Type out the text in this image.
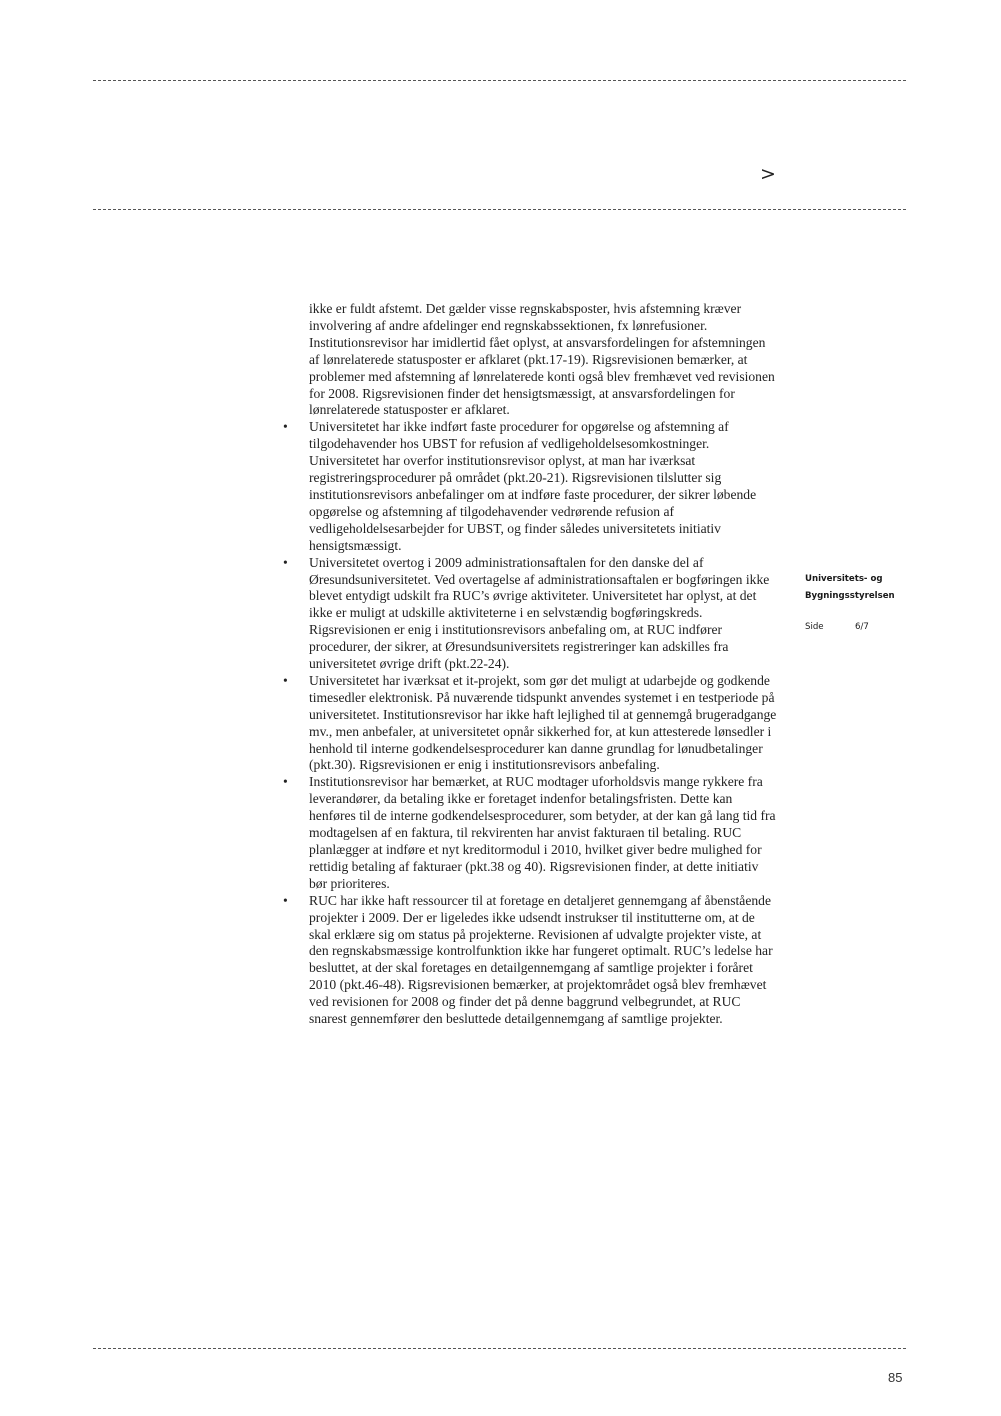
>

ikke er fuldt afstemt. Det gælder visse regnskabsposter, hvis afstemning kræver involvering af andre afdelinger end regnskabssektionen, fx lønrefusioner. Institutionsrevisor har imidlertid fået oplyst, at ansvarsfordelingen for afstemningen af lønrelaterede statusposter er afklaret (pkt.17-19). Rigsrevisionen bemærker, at problemer med afstemning af lønrelaterede konti også blev fremhævet ved revisionen for 2008. Rigsrevisionen finder det hensigtsmæssigt, at ansvarsfordelingen for lønrelaterede statusposter er afklaret.

• Universitetet har ikke indført faste procedurer for opgørelse og afstemning af tilgodehavender hos UBST for refusion af vedligeholdelsesomkostninger. Universitetet har overfor institutionsrevisor oplyst, at man har iværksat registreringsprocedurer på området (pkt.20-21). Rigsrevisionen tilslutter sig institutionsrevisors anbefalinger om at indføre faste procedurer, der sikrer løbende opgørelse og afstemning af tilgodehavender vedrørende refusion af vedligeholdelsesarbejder for UBST, og finder således universitetets initiativ hensigtsmæssigt.
• Universitetet overtog i 2009 administrationsaftalen for den danske del af Øresundsuniversitetet. Ved overtagelse af administrationsaftalen er bogføringen ikke blevet entydigt udskilt fra RUC’s øvrige aktiviteter. Universitetet har oplyst, at det ikke er muligt at udskille aktiviteterne i en selvstændig bogføringskreds. Rigsrevisionen er enig i institutionsrevisors anbefaling om, at RUC indfører procedurer, der sikrer, at Øresundsuniversitets registreringer kan adskilles fra universitetet øvrige drift (pkt.22-24).
• Universitetet har iværksat et it-projekt, som gør det muligt at udarbejde og godkende timesedler elektronisk. På nuværende tidspunkt anvendes systemet i en testperiode på universitetet. Institutionsrevisor har ikke haft lejlighed til at gennemgå brugeradgange mv., men anbefaler, at universitetet opnår sikkerhed for, at kun attesterede lønsedler i henhold til interne godkendelsesprocedurer kan danne grundlag for lønudbetalinger (pkt.30). Rigsrevisionen er enig i institutionsrevisors anbefaling.
• Institutionsrevisor har bemærket, at RUC modtager uforholdsvis mange rykkere fra leverandører, da betaling ikke er foretaget indenfor betalingsfristen. Dette kan henføres til de interne godkendelsesprocedurer, som betyder, at der kan gå lang tid fra modtagelsen af en faktura, til rekvirenten har anvist fakturaen til betaling. RUC planlægger at indføre et nyt kreditormodul i 2010, hvilket giver bedre mulighed for rettidig betaling af fakturaer (pkt.38 og 40). Rigsrevisionen finder, at dette initiativ bør prioriteres.
• RUC har ikke haft ressourcer til at foretage en detaljeret gennemgang af åbenstående projekter i 2009. Der er ligeledes ikke udsendt instrukser til institutterne om, at de skal erklære sig om status på projekterne. Revisionen af udvalgte projekter viste, at den regnskabsmæssige kontrolfunktion ikke har fungeret optimalt. RUC’s ledelse har besluttet, at der skal foretages en detailgennemgang af samtlige projekter i foråret 2010 (pkt.46-48). Rigsrevisionen bemærker, at projektområdet også blev fremhævet ved revisionen for 2008 og finder det på denne baggrund velbegrundet, at RUC snarest gennemfører den besluttede detailgennemgang af samtlige projekter.
Universitets- og
Bygningsstyrelsen
Side	6/7
85
